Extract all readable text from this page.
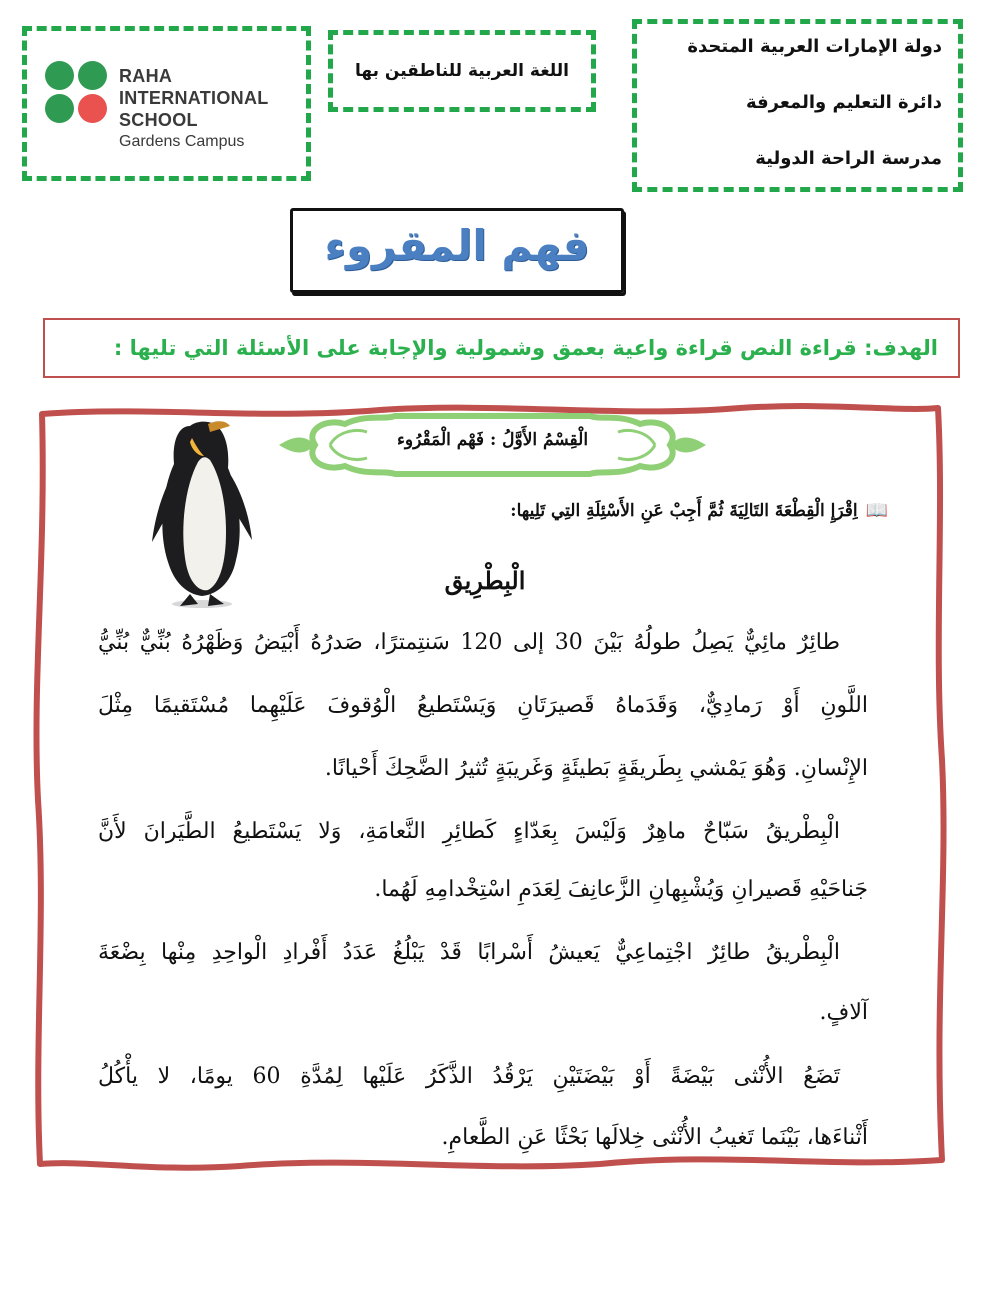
RAHA
INTERNATIONAL
SCHOOL
Gardens Campus
اللغة العربية للناطقين بها
دولة الإمارات العربية المتحدة
دائرة التعليم والمعرفة
مدرسة الراحة الدولية
فهم المقروء
الهدف: قراءة النص قراءة واعية بعمق وشمولية والإجابة على الأسئلة التي تليها :
الْقِسْمُ الأَوَّلُ : فَهْم الْمَقْرُوء
📖اِقْرَإِ الْقِطْعَةَ التَالِيَةَ ثُمَّ أَجِبْ عَنِ الأَسْئِلَةِ التِي تَلِيها:
الْبِطْرِيق
طائِرٌ مائِيٌّ يَصِلُ طولُهُ بَيْنَ 30 إلى 120 سَنتِمترًا، صَدرُهُ أَبْيَضُ وَظَهْرُهُ بُنِّيٌّ بُنِّيُّ
اللَّونِ أَوْ رَمادِيٌّ، وَقَدَماهُ قَصيرَتَانِ وَيَسْتَطيعُ الْوُقوفَ عَلَيْهِما مُسْتَقيمًا مِثْلَ
الإِنْسانِ. وَهُوَ يَمْشي بِطَريقَةٍ بَطيئَةٍ وَغَريبَةٍ تُثيرُ الضَّحِكَ أَحْيانًا.
الْبِطْريقُ سَبّاحٌ ماهِرٌ وَلَيْسَ بِعَدّاءٍ كَطائِرِ النَّعامَةِ، وَلا يَسْتَطيعُ الطَّيَرانَ لأَنَّ
جَناحَيْهِ قَصيرانِ وَيُشْبِهانِ الزَّعانِفَ لِعَدَمِ اسْتِخْدامِهِ لَهُما.
الْبِطْريقُ طائِرٌ اجْتِماعِيٌّ يَعيشُ أَسْرابًا قَدْ يَبْلُغُ عَدَدُ أَفْرادِ الْواحِدِ مِنْها بِضْعَةَ
آلافٍ.
تَضَعُ الأُنْثى بَيْضَةً أَوْ بَيْضَتَيْنِ يَرْقُدُ الذَّكَرُ عَلَيْها لِمُدَّةِ 60 يومًا، لا يأْكُلُ
أَثْناءَها، بَيْنَما تَغيبُ الأُنْثى خِلالَها بَحْثًا عَنِ الطَّعامِ.
